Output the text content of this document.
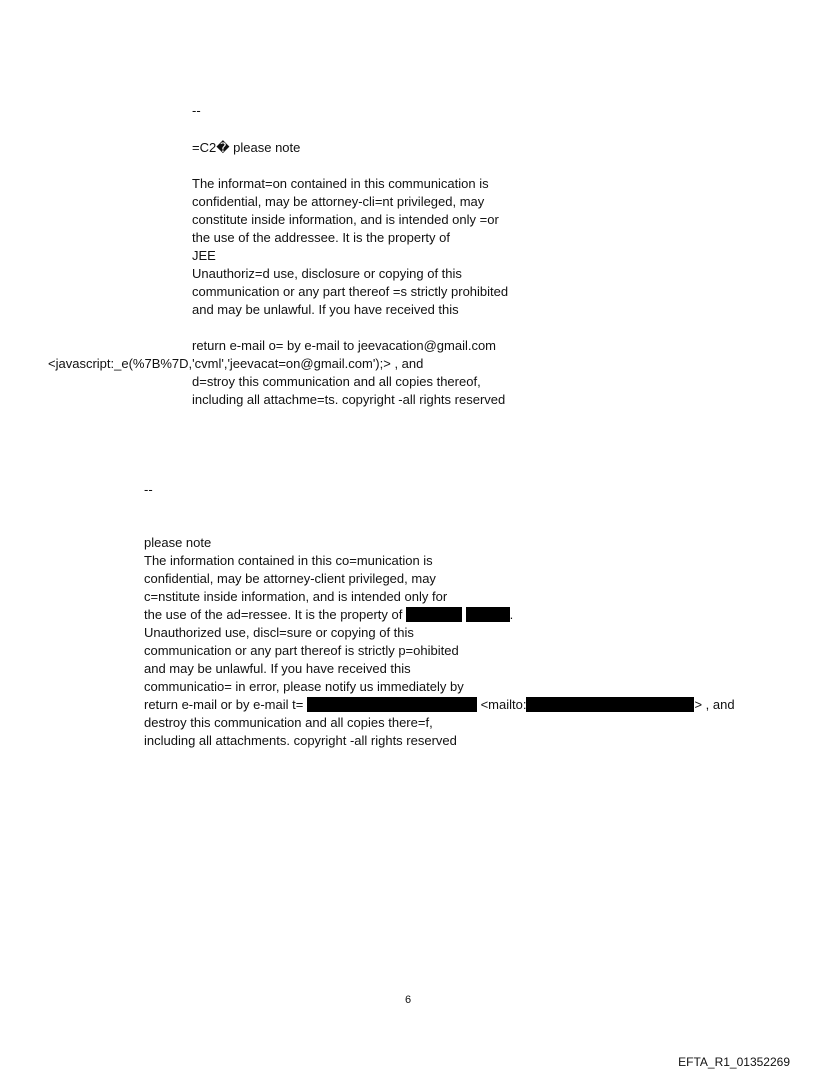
--
=C2� please note
The informat=on contained in this communication is
confidential, may be attorney-cli=nt privileged, may
constitute inside information, and is intended only =or
the use of the addressee. It is the property of
JEE
Unauthoriz=d use, disclosure or copying of this
communication or any part thereof =s strictly prohibited
and may be unlawful. If you have received this
return e-mail o= by e-mail to jeevacation@gmail.com
<javascript:_e(%7B%7D,'cvml','jeevacat=on@gmail.com');> , and
d=stroy this communication and all copies thereof,
including all attachme=ts. copyright -all rights reserved
--
please note
The information contained in this co=munication is
confidential, may be attorney-client privileged, may
c=nstitute inside information, and is intended only for
the use of the ad=ressee. It is the property of	.
Unauthorized use, discl=sure or copying of this
communication or any part thereof is strictly p=ohibited
and may be unlawful. If you have received this
communicatio= in error, please notify us immediately by
return e-mail or by e-mail t=	<mailto:	> , and
destroy this communication and all copies there=f,
including all attachments. copyright -all rights reserved
6
EFTA_R1_01352269
